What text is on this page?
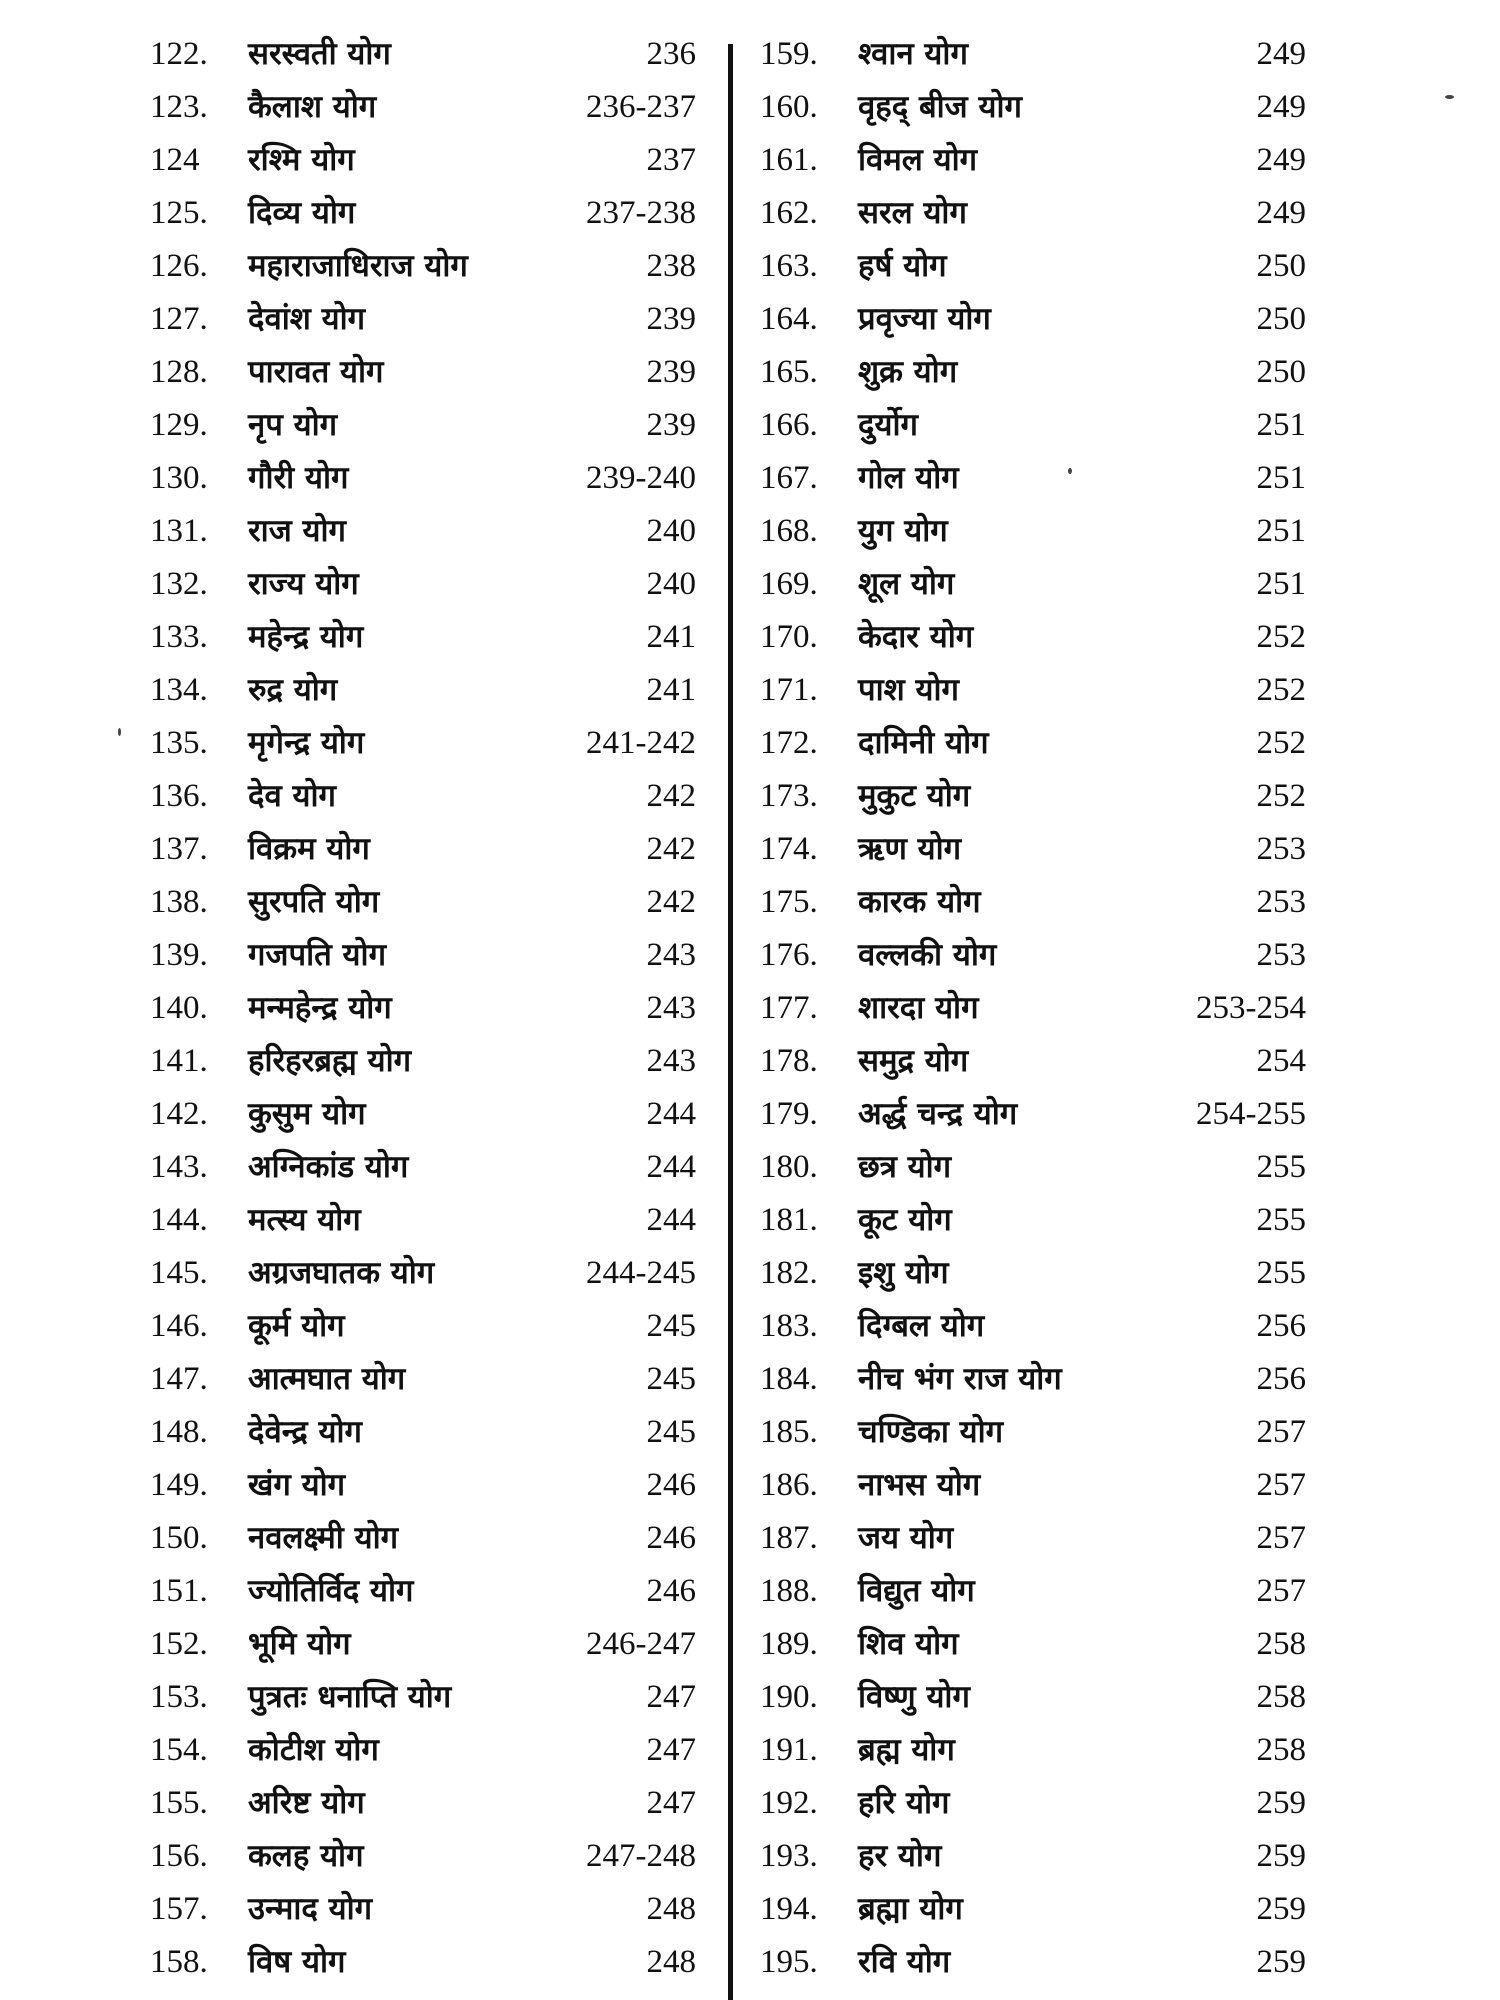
122. सरस्वती योग	236
123. कैलाश योग	236-237
124 रश्मि योग	237
125. दिव्य योग	237-238
126. महाराजाधिराज योग	238
127. देवांश योग	239
128. पारावत योग	239
129. नृप योग	239
130. गौरी योग	239-240
131. राज योग	240
132. राज्य योग	240
133. महेन्द्र योग	241
134. रुद्र योग	241
135. मृगेन्द्र योग	241-242
136. देव योग	242
137. विक्रम योग	242
138. सुरपति योग	242
139. गजपति योग	243
140. मन्महेन्द्र योग	243
141. हरिहरब्रह्म योग	243
142. कुसुम योग	244
143. अग्निकांड योग	244
144. मत्स्य योग	244
145. अग्रजघातक योग	244-245
146. कूर्म योग	245
147. आत्मघात योग	245
148. देवेन्द्र योग	245
149. खंग योग	246
150. नवलक्ष्मी योग	246
151. ज्योतिर्विद योग	246
152. भूमि योग	246-247
153. पुत्रतः धनाप्ति योग	247
154. कोटीश योग	247
155. अरिष्ट योग	247
156. कलह योग	247-248
157. उन्माद योग	248
158. विष योग	248
159. श्वान योग	249
160. वृहद् बीज योग	249
161. विमल योग	249
162. सरल योग	249
163. हर्ष योग	250
164. प्रवृज्या योग	250
165. शुक्र योग	250
166. दुर्योग	251
167. गोल योग	251
168. युग योग	251
169. शूल योग	251
170. केदार योग	252
171. पाश योग	252
172. दामिनी योग	252
173. मुकुट योग	252
174. ऋण योग	253
175. कारक योग	253
176. वल्लकी योग	253
177. शारदा योग	253-254
178. समुद्र योग	254
179. अर्द्ध चन्द्र योग	254-255
180. छत्र योग	255
181. कूट योग	255
182. इशु योग	255
183. दिग्बल योग	256
184. नीच भंग राज योग	256
185. चण्डिका योग	257
186. नाभस योग	257
187. जय योग	257
188. विद्युत योग	257
189. शिव योग	258
190. विष्णु योग	258
191. ब्रह्म योग	258
192. हरि योग	259
193. हर योग	259
194. ब्रह्मा योग	259
195. रवि योग	259
